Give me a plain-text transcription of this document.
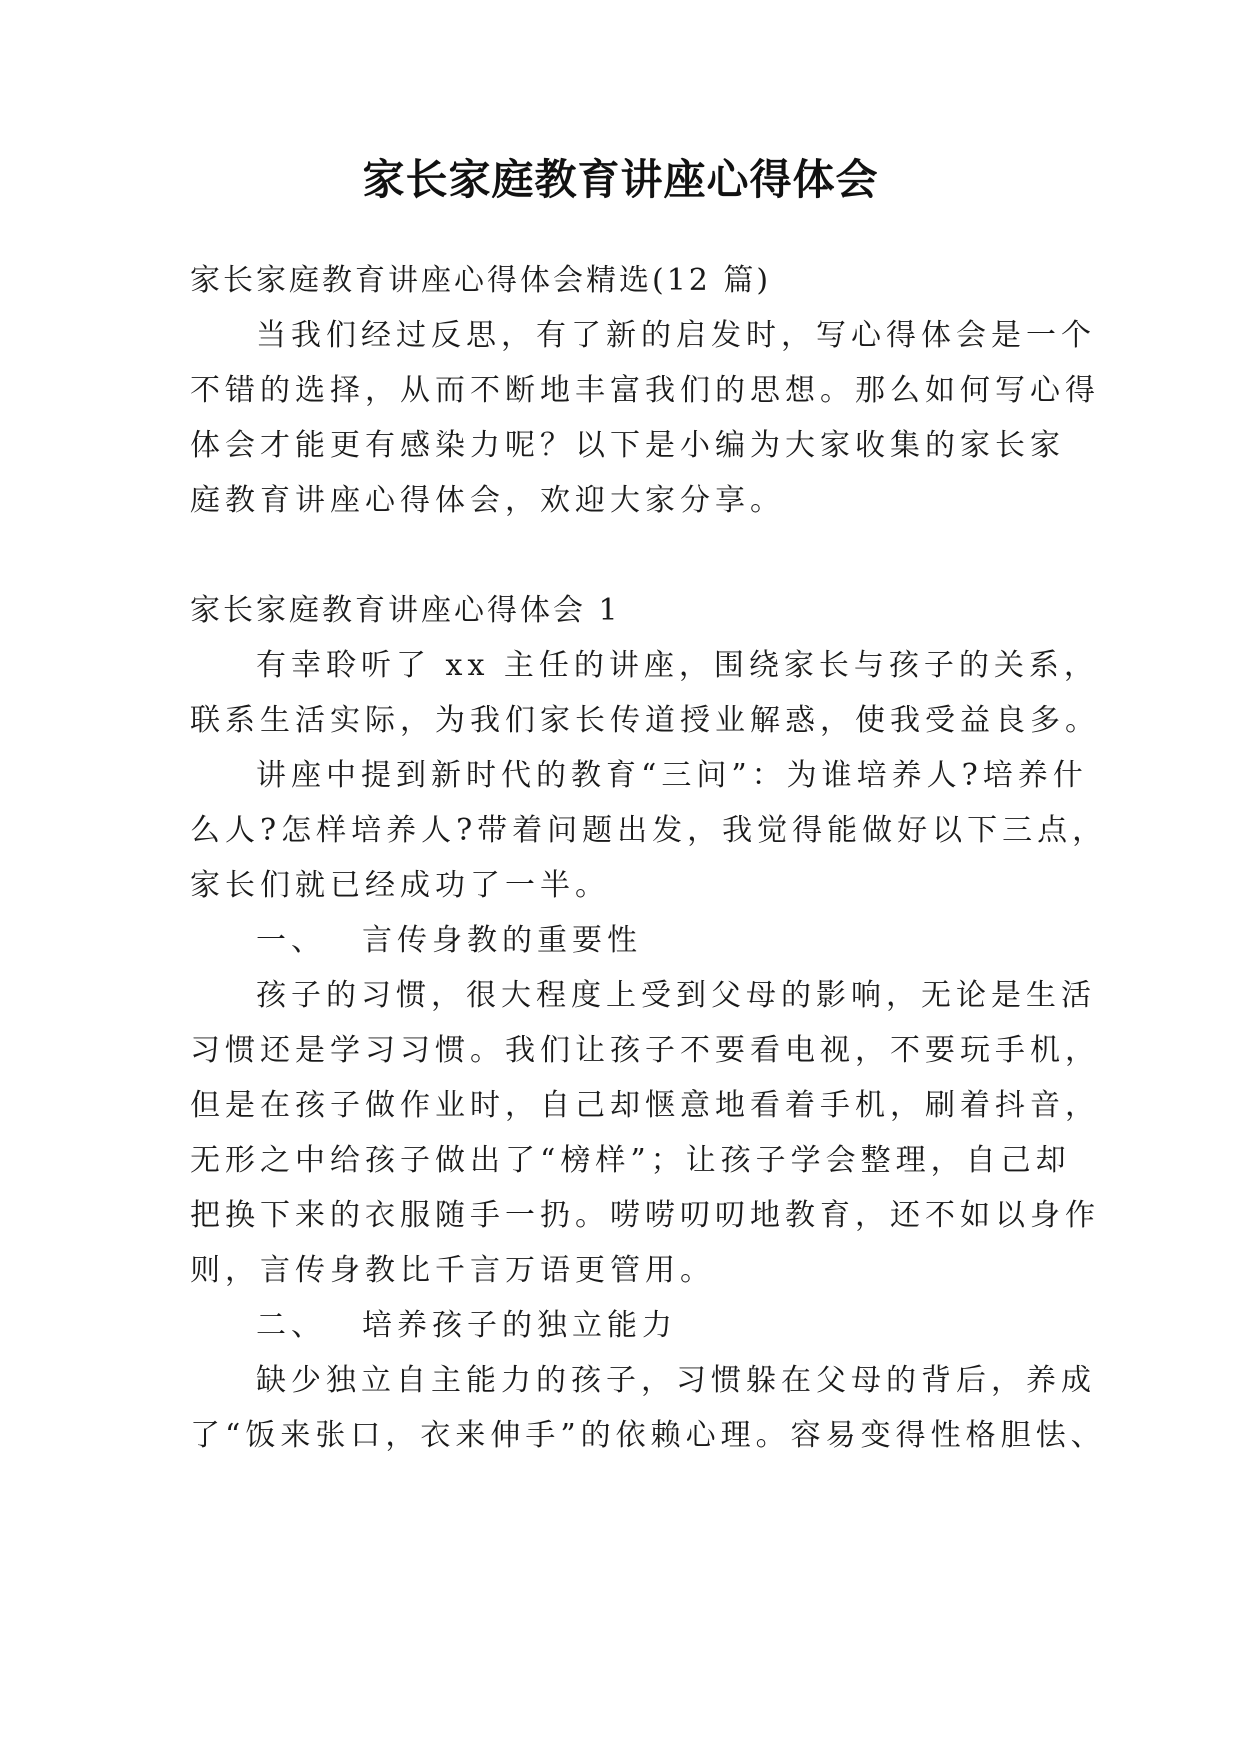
家长家庭教育讲座心得体会
家长家庭教育讲座心得体会精选(12 篇)
当我们经过反思，有了新的启发时，写心得体会是一个
不错的选择，从而不断地丰富我们的思想。那么如何写心得
体会才能更有感染力呢？以下是小编为大家收集的家长家
庭教育讲座心得体会，欢迎大家分享。
家长家庭教育讲座心得体会 1
有幸聆听了 xx 主任的讲座，围绕家长与孩子的关系，
联系生活实际，为我们家长传道授业解惑，使我受益良多。
讲座中提到新时代的教育“三问”：为谁培养人?培养什
么人?怎样培养人?带着问题出发，我觉得能做好以下三点，
家长们就已经成功了一半。
一、 言传身教的重要性
孩子的习惯，很大程度上受到父母的影响，无论是生活
习惯还是学习习惯。我们让孩子不要看电视，不要玩手机，
但是在孩子做作业时，自己却惬意地看着手机，刷着抖音，
无形之中给孩子做出了“榜样”；让孩子学会整理，自己却
把换下来的衣服随手一扔。唠唠叨叨地教育，还不如以身作
则，言传身教比千言万语更管用。
二、 培养孩子的独立能力
缺少独立自主能力的孩子，习惯躲在父母的背后，养成
了“饭来张口，衣来伸手”的依赖心理。容易变得性格胆怯、
